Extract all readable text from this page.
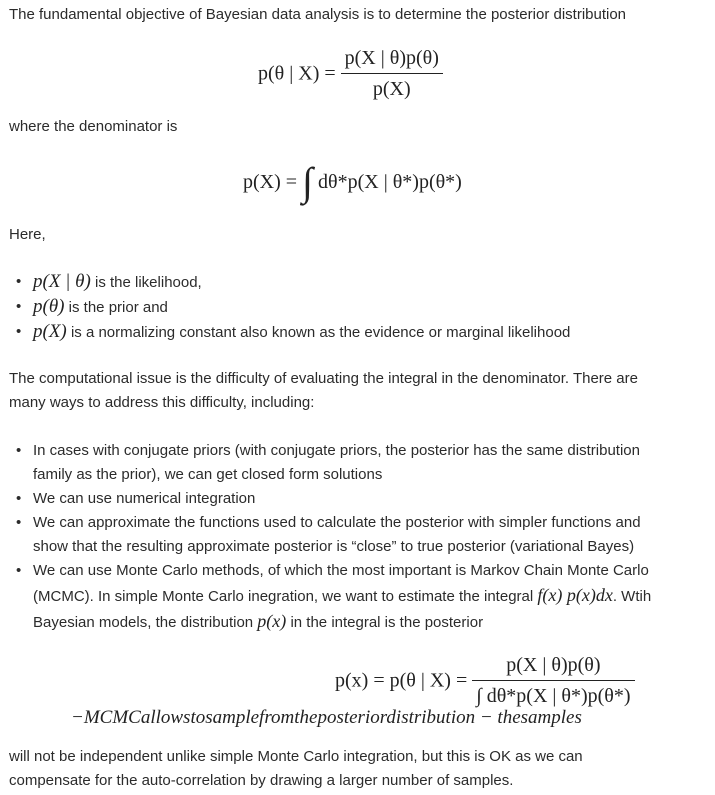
The fundamental objective of Bayesian data analysis is to determine the posterior distribution

p(θ | $X) = \frac{p(X | \theta)p(\theta)}{p(X)}$

where the denominator is

p(X) = ∫ dθ*p(X | θ*)p(θ*)

Here,

• p(X | θ) is the likelihood,
• p(θ) is the prior and
• p(X) is a normalizing constant also known as the evidence or marginal likelihood

The computational issue is the difficulty of evaluating the integral in the denominator. There are

many ways to address this difficulty, including:

• In cases with conjugate priors (with conjugate priors, the posterior has the same distribution
family as the prior), we can get closed form solutions
• We can use numerical integration
• We can approximate the functions used to calculate the posterior with simpler functions and
show that the resulting approximate posterior is “close” to true posterior (variational Bayes)
• We can use Monte Carlo methods, of which the most important is Markov Chain Monte Carlo
(MCMC). In simple Monte Carlo inegration, we want to estimate the integral f(x) p(x)dx. Wtih
Bayesian models, the distribution p(x) in the integral is the posterior
p(x) = p(θ | $X) = \frac{p(X | \theta)p(\theta)}{\int d\theta*p(X | \theta*)p(\theta*)}$
−MCMCallowstosamplefromtheposteriordistribution − thesamples

will not be independent unlike simple Monte Carlo integration, but this is OK as we can

compensate for the auto-correlation by drawing a larger number of samples.
